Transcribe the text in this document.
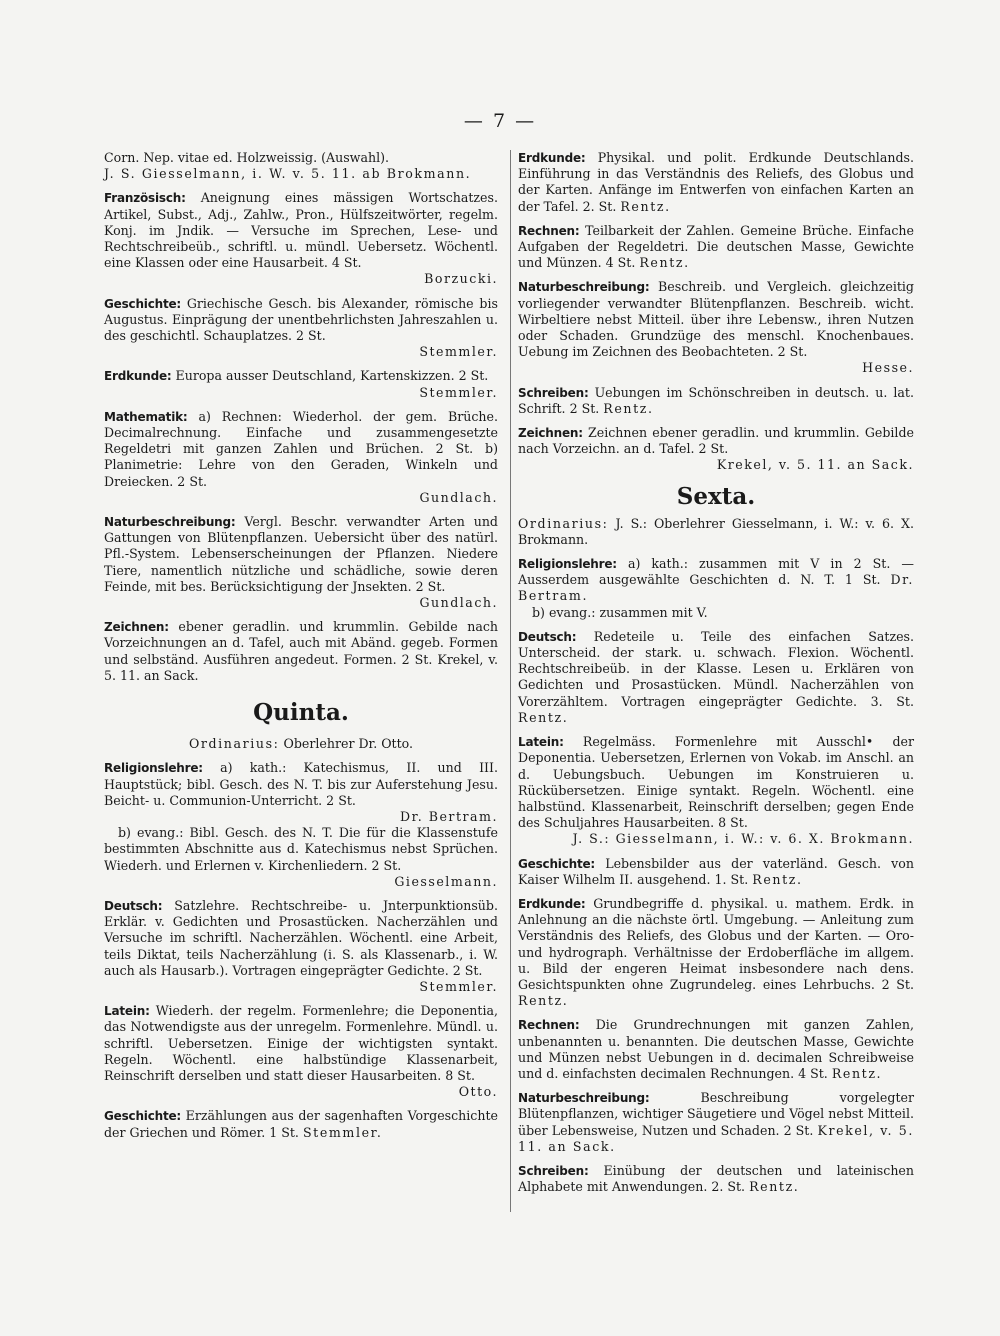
— 7 —
Corn. Nep. vitae ed. Holzweissig. (Auswahl).
J. S. Giesselmann, i. W. v. 5. 11. ab Brokmann.
Französisch: Aneignung eines mässigen Wortschatzes. Artikel, Subst., Adj., Zahlw., Pron., Hülfszeitwörter, regelm. Konj. im Jndik. — Versuche im Sprechen, Lese- und Rechtschreibeüb., schriftl. u. mündl. Uebersetz. Wöchentl. eine Klassen oder eine Hausarbeit. 4 St.
Borzucki.
Geschichte: Griechische Gesch. bis Alexander, römische bis Augustus. Einprägung der unentbehrlichsten Jahreszahlen u. des geschichtl. Schauplatzes. 2 St.
Stemmler.
Erdkunde: Europa ausser Deutschland, Kartenskizzen. 2 St.
Stemmler.
Mathematik: a) Rechnen: Wiederhol. der gem. Brüche. Decimalrechnung. Einfache und zusammengesetzte Regeldetri mit ganzen Zahlen und Brüchen. 2 St. b) Planimetrie: Lehre von den Geraden, Winkeln und Dreiecken. 2 St.
Gundlach.
Naturbeschreibung: Vergl. Beschr. verwandter Arten und Gattungen von Blütenpflanzen. Uebersicht über des natürl. Pfl.-System. Lebenserscheinungen der Pflanzen. Niedere Tiere, namentlich nützliche und schädliche, sowie deren Feinde, mit bes. Berücksichtigung der Jnsekten. 2 St.
Gundlach.
Zeichnen: ebener geradlin. und krummlin. Gebilde nach Vorzeichnungen an d. Tafel, auch mit Abänd. gegeb. Formen und selbständ. Ausführen angedeut. Formen. 2 St. Krekel, v. 5. 11. an Sack.
Quinta.
Ordinarius: Oberlehrer Dr. Otto.
Religionslehre: a) kath.: Katechismus, II. und III. Hauptstück; bibl. Gesch. des N. T. bis zur Auferstehung Jesu. Beicht- u. Communion-Unterricht. 2 St.
Dr. Bertram.
b) evang.: Bibl. Gesch. des N. T. Die für die Klassenstufe bestimmten Abschnitte aus d. Katechismus nebst Sprüchen. Wiederh. und Erlernen v. Kirchenliedern. 2 St.
Giesselmann.
Deutsch: Satzlehre. Rechtschreibe- u. Jnterpunktionsüb. Erklär. v. Gedichten und Prosastücken. Nacherzählen und Versuche im schriftl. Nacherzählen. Wöchentl. eine Arbeit, teils Diktat, teils Nacherzählung (i. S. als Klassenarb., i. W. auch als Hausarb.). Vortragen eingeprägter Gedichte. 2 St.
Stemmler.
Latein: Wiederh. der regelm. Formenlehre; die Deponentia, das Notwendigste aus der unregelm. Formenlehre. Mündl. u. schriftl. Uebersetzen. Einige der wichtigsten syntakt. Regeln. Wöchentl. eine halbstündige Klassenarbeit, Reinschrift derselben und statt dieser Hausarbeiten. 8 St.
Otto.
Geschichte: Erzählungen aus der sagenhaften Vorgeschichte der Griechen und Römer. 1 St. Stemmler.
Erdkunde: Physikal. und polit. Erdkunde Deutschlands. Einführung in das Verständnis des Reliefs, des Globus und der Karten. Anfänge im Entwerfen von einfachen Karten an der Tafel. 2. St. Rentz.
Rechnen: Teilbarkeit der Zahlen. Gemeine Brüche. Einfache Aufgaben der Regeldetri. Die deutschen Masse, Gewichte und Münzen. 4 St. Rentz.
Naturbeschreibung: Beschreib. und Vergleich. gleichzeitig vorliegender verwandter Blütenpflanzen. Beschreib. wicht. Wirbeltiere nebst Mitteil. über ihre Lebensw., ihren Nutzen oder Schaden. Grundzüge des menschl. Knochenbaues. Uebung im Zeichnen des Beobachteten. 2 St.
Hesse.
Schreiben: Uebungen im Schönschreiben in deutsch. u. lat. Schrift. 2 St. Rentz.
Zeichnen: Zeichnen ebener geradlin. und krummlin. Gebilde nach Vorzeichn. an d. Tafel. 2 St.
Krekel, v. 5. 11. an Sack.
Sexta.
Ordinarius: J. S.: Oberlehrer Giesselmann, i. W.: v. 6. X. Brokmann.
Religionslehre: a) kath.: zusammen mit V in 2 St. — Ausserdem ausgewählte Geschichten d. N. T. 1 St. Dr. Bertram.
b) evang.: zusammen mit V.
Deutsch: Redeteile u. Teile des einfachen Satzes. Unterscheid. der stark. u. schwach. Flexion. Wöchentl. Rechtschreibeüb. in der Klasse. Lesen u. Erklären von Gedichten und Prosastücken. Mündl. Nacherzählen von Vorerzähltem. Vortragen eingeprägter Gedichte. 3. St. Rentz.
Latein: Regelmäss. Formenlehre mit Ausschl• der Deponentia. Uebersetzen, Erlernen von Vokab. im Anschl. an d. Uebungsbuch. Uebungen im Konstruieren u. Rückübersetzen. Einige syntakt. Regeln. Wöchentl. eine halbstünd. Klassenarbeit, Reinschrift derselben; gegen Ende des Schuljahres Hausarbeiten. 8 St.
J. S.: Giesselmann, i. W.: v. 6. X. Brokmann.
Geschichte: Lebensbilder aus der vaterländ. Gesch. von Kaiser Wilhelm II. ausgehend. 1. St. Rentz.
Erdkunde: Grundbegriffe d. physikal. u. mathem. Erdk. in Anlehnung an die nächste örtl. Umgebung. — Anleitung zum Verständnis des Reliefs, des Globus und der Karten. — Oro- und hydrograph. Verhältnisse der Erdoberfläche im allgem. u. Bild der engeren Heimat insbesondere nach dens. Gesichtspunkten ohne Zugrundeleg. eines Lehrbuchs. 2 St. Rentz.
Rechnen: Die Grundrechnungen mit ganzen Zahlen, unbenannten u. benannten. Die deutschen Masse, Gewichte und Münzen nebst Uebungen in d. decimalen Schreibweise und d. einfachsten decimalen Rechnungen. 4 St. Rentz.
Naturbeschreibung:	Beschreibung vorgelegter Blütenpflanzen, wichtiger Säugetiere und Vögel nebst Mitteil. über Lebensweise, Nutzen und Schaden. 2 St. Krekel, v. 5. 11. an Sack.
Schreiben: Einübung der deutschen und lateinischen Alphabete mit Anwendungen. 2. St. Rentz.
